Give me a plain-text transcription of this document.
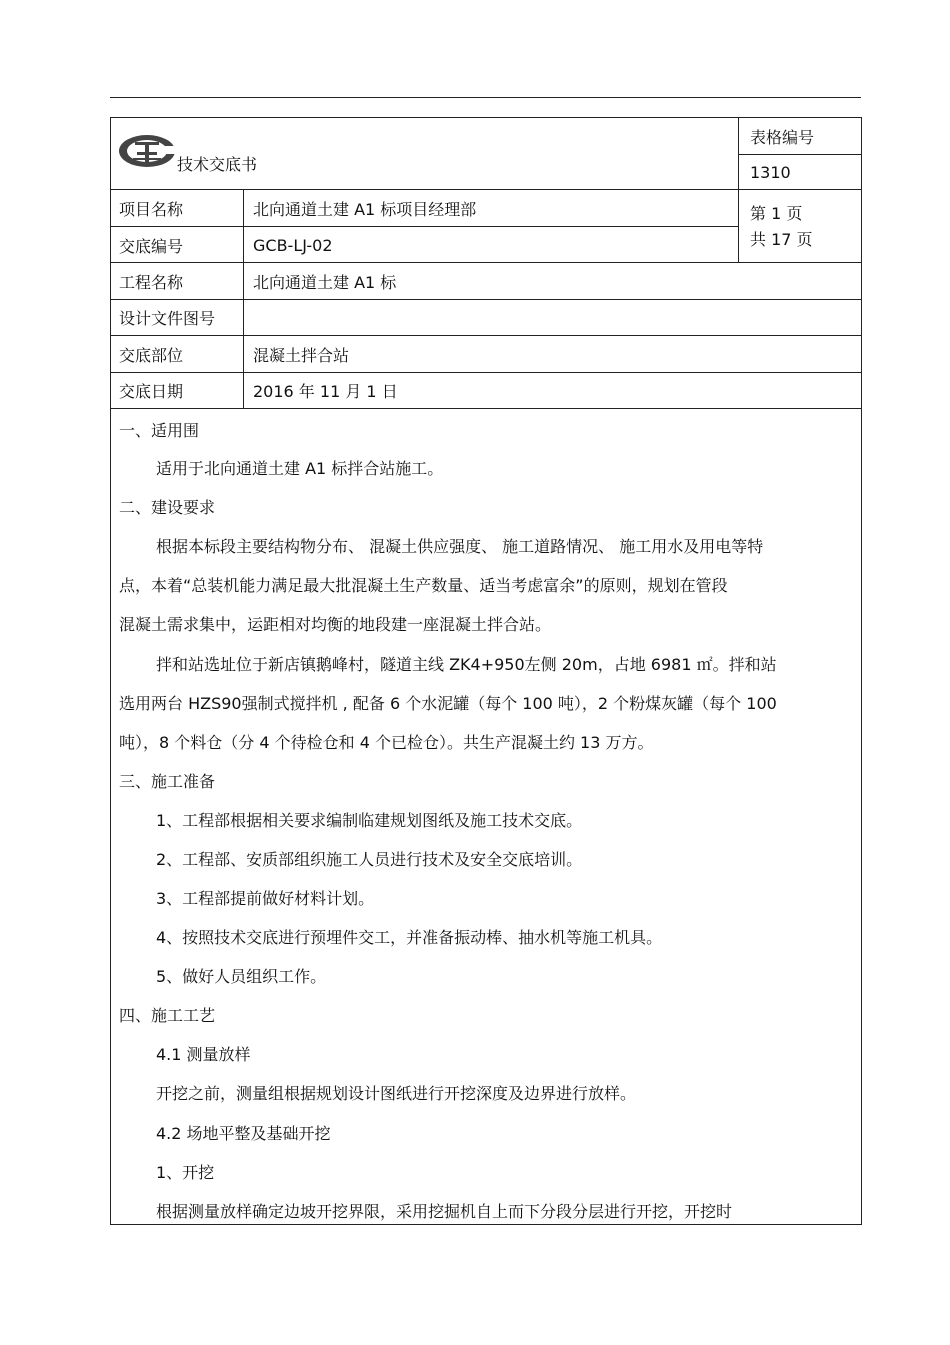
技术交底书
表格编号
1310
项目名称	北向通道土建 A1 标项目经理部
交底编号	GCB-LJ-02
第 1 页
共 17 页
工程名称	北向通道土建 A1 标
设计文件图号
交底部位	混凝土拌合站
交底日期	2016 年 11 月 1 日
一、适用围
适用于北向通道土建 A1 标拌合站施工。
二、建设要求
根据本标段主要结构物分布、 混凝土供应强度、 施工道路情况、 施工用水及用电等特
点，本着“总装机能力满足最大批混凝土生产数量、适当考虑富余”的原则，规划在管段
混凝土需求集中，运距相对均衡的地段建一座混凝土拌合站。
拌和站选址位于新店镇鹅峰村，隧道主线 ZK4+950左侧 20m，占地 6981 ㎡。拌和站
选用两台 HZS90强制式搅拌机 , 配备 6 个水泥罐（每个 100 吨），2 个粉煤灰罐（每个 100
吨），8 个料仓（分 4 个待检仓和 4 个已检仓）。共生产混凝土约 13 万方。
三、施工准备
1、工程部根据相关要求编制临建规划图纸及施工技术交底。
2、工程部、安质部组织施工人员进行技术及安全交底培训。
3、工程部提前做好材料计划。
4、按照技术交底进行预埋件交工，并准备振动棒、抽水机等施工机具。
5、做好人员组织工作。
四、施工工艺
4.1 测量放样
开挖之前，测量组根据规划设计图纸进行开挖深度及边界进行放样。
4.2 场地平整及基础开挖
1、开挖
根据测量放样确定边坡开挖界限，采用挖掘机自上而下分段分层进行开挖，开挖时
